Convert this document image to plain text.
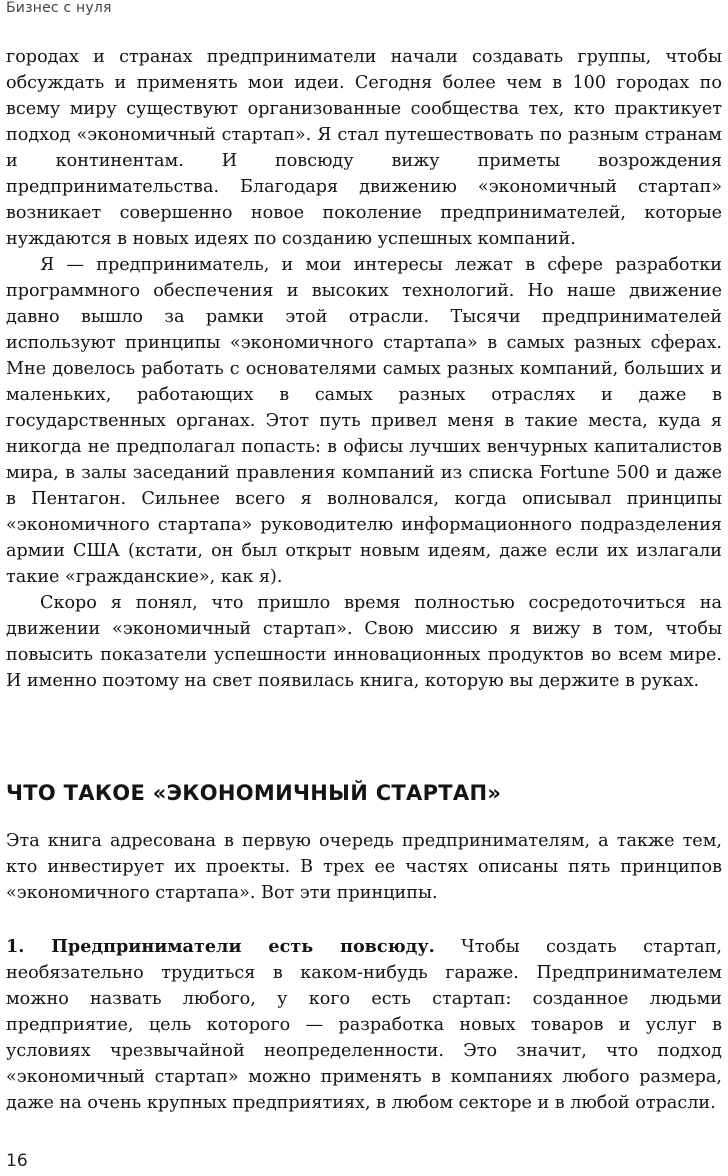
Бизнес с нуля

городах и странах предприниматели начали создавать группы, чтобы обсуждать и применять мои идеи. Сегодня более чем в 100 городах по всему миру существуют организованные сообщества тех, кто практикует подход «экономичный стартап». Я стал путешествовать по разным странам и континентам. И повсюду вижу приметы возрождения предпринимательства. Благодаря движению «экономичный стартап» возникает совершенно новое поколение предпринимателей, которые нуждаются в новых идеях по созданию успешных компаний.

Я — предприниматель, и мои интересы лежат в сфере разработки программного обеспечения и высоких технологий. Но наше движение давно вышло за рамки этой отрасли. Тысячи предпринимателей используют принципы «экономичного стартапа» в самых разных сферах. Мне довелось работать с основателями самых разных компаний, больших и маленьких, работающих в самых разных отраслях и даже в государственных органах. Этот путь привел меня в такие места, куда я никогда не предполагал попасть: в офисы лучших венчурных капиталистов мира, в залы заседаний правления компаний из списка Fortune 500 и даже в Пентагон. Сильнее всего я волновался, когда описывал принципы «экономичного стартапа» руководителю информационного подразделения армии США (кстати, он был открыт новым идеям, даже если их излагали такие «гражданские», как я).

Скоро я понял, что пришло время полностью сосредоточиться на движении «экономичный стартап». Свою миссию я вижу в том, чтобы повысить показатели успешности инновационных продуктов во всем мире. И именно поэтому на свет появилась книга, которую вы держите в руках.

ЧТО ТАКОЕ «ЭКОНОМИЧНЫЙ СТАРТАП»

Эта книга адресована в первую очередь предпринимателям, а также тем, кто инвестирует их проекты. В трех ее частях описаны пять принципов «экономичного стартапа». Вот эти принципы.

1. Предприниматели есть повсюду. Чтобы создать стартап, необязательно трудиться в каком-нибудь гараже. Предпринимателем можно назвать любого, у кого есть стартап: созданное людьми предприятие, цель которого — разработка новых товаров и услуг в условиях чрезвычайной неопределенности. Это значит, что подход «экономичный стартап» можно применять в компаниях любого размера, даже на очень крупных предприятиях, в любом секторе и в любой отрасли.

16
